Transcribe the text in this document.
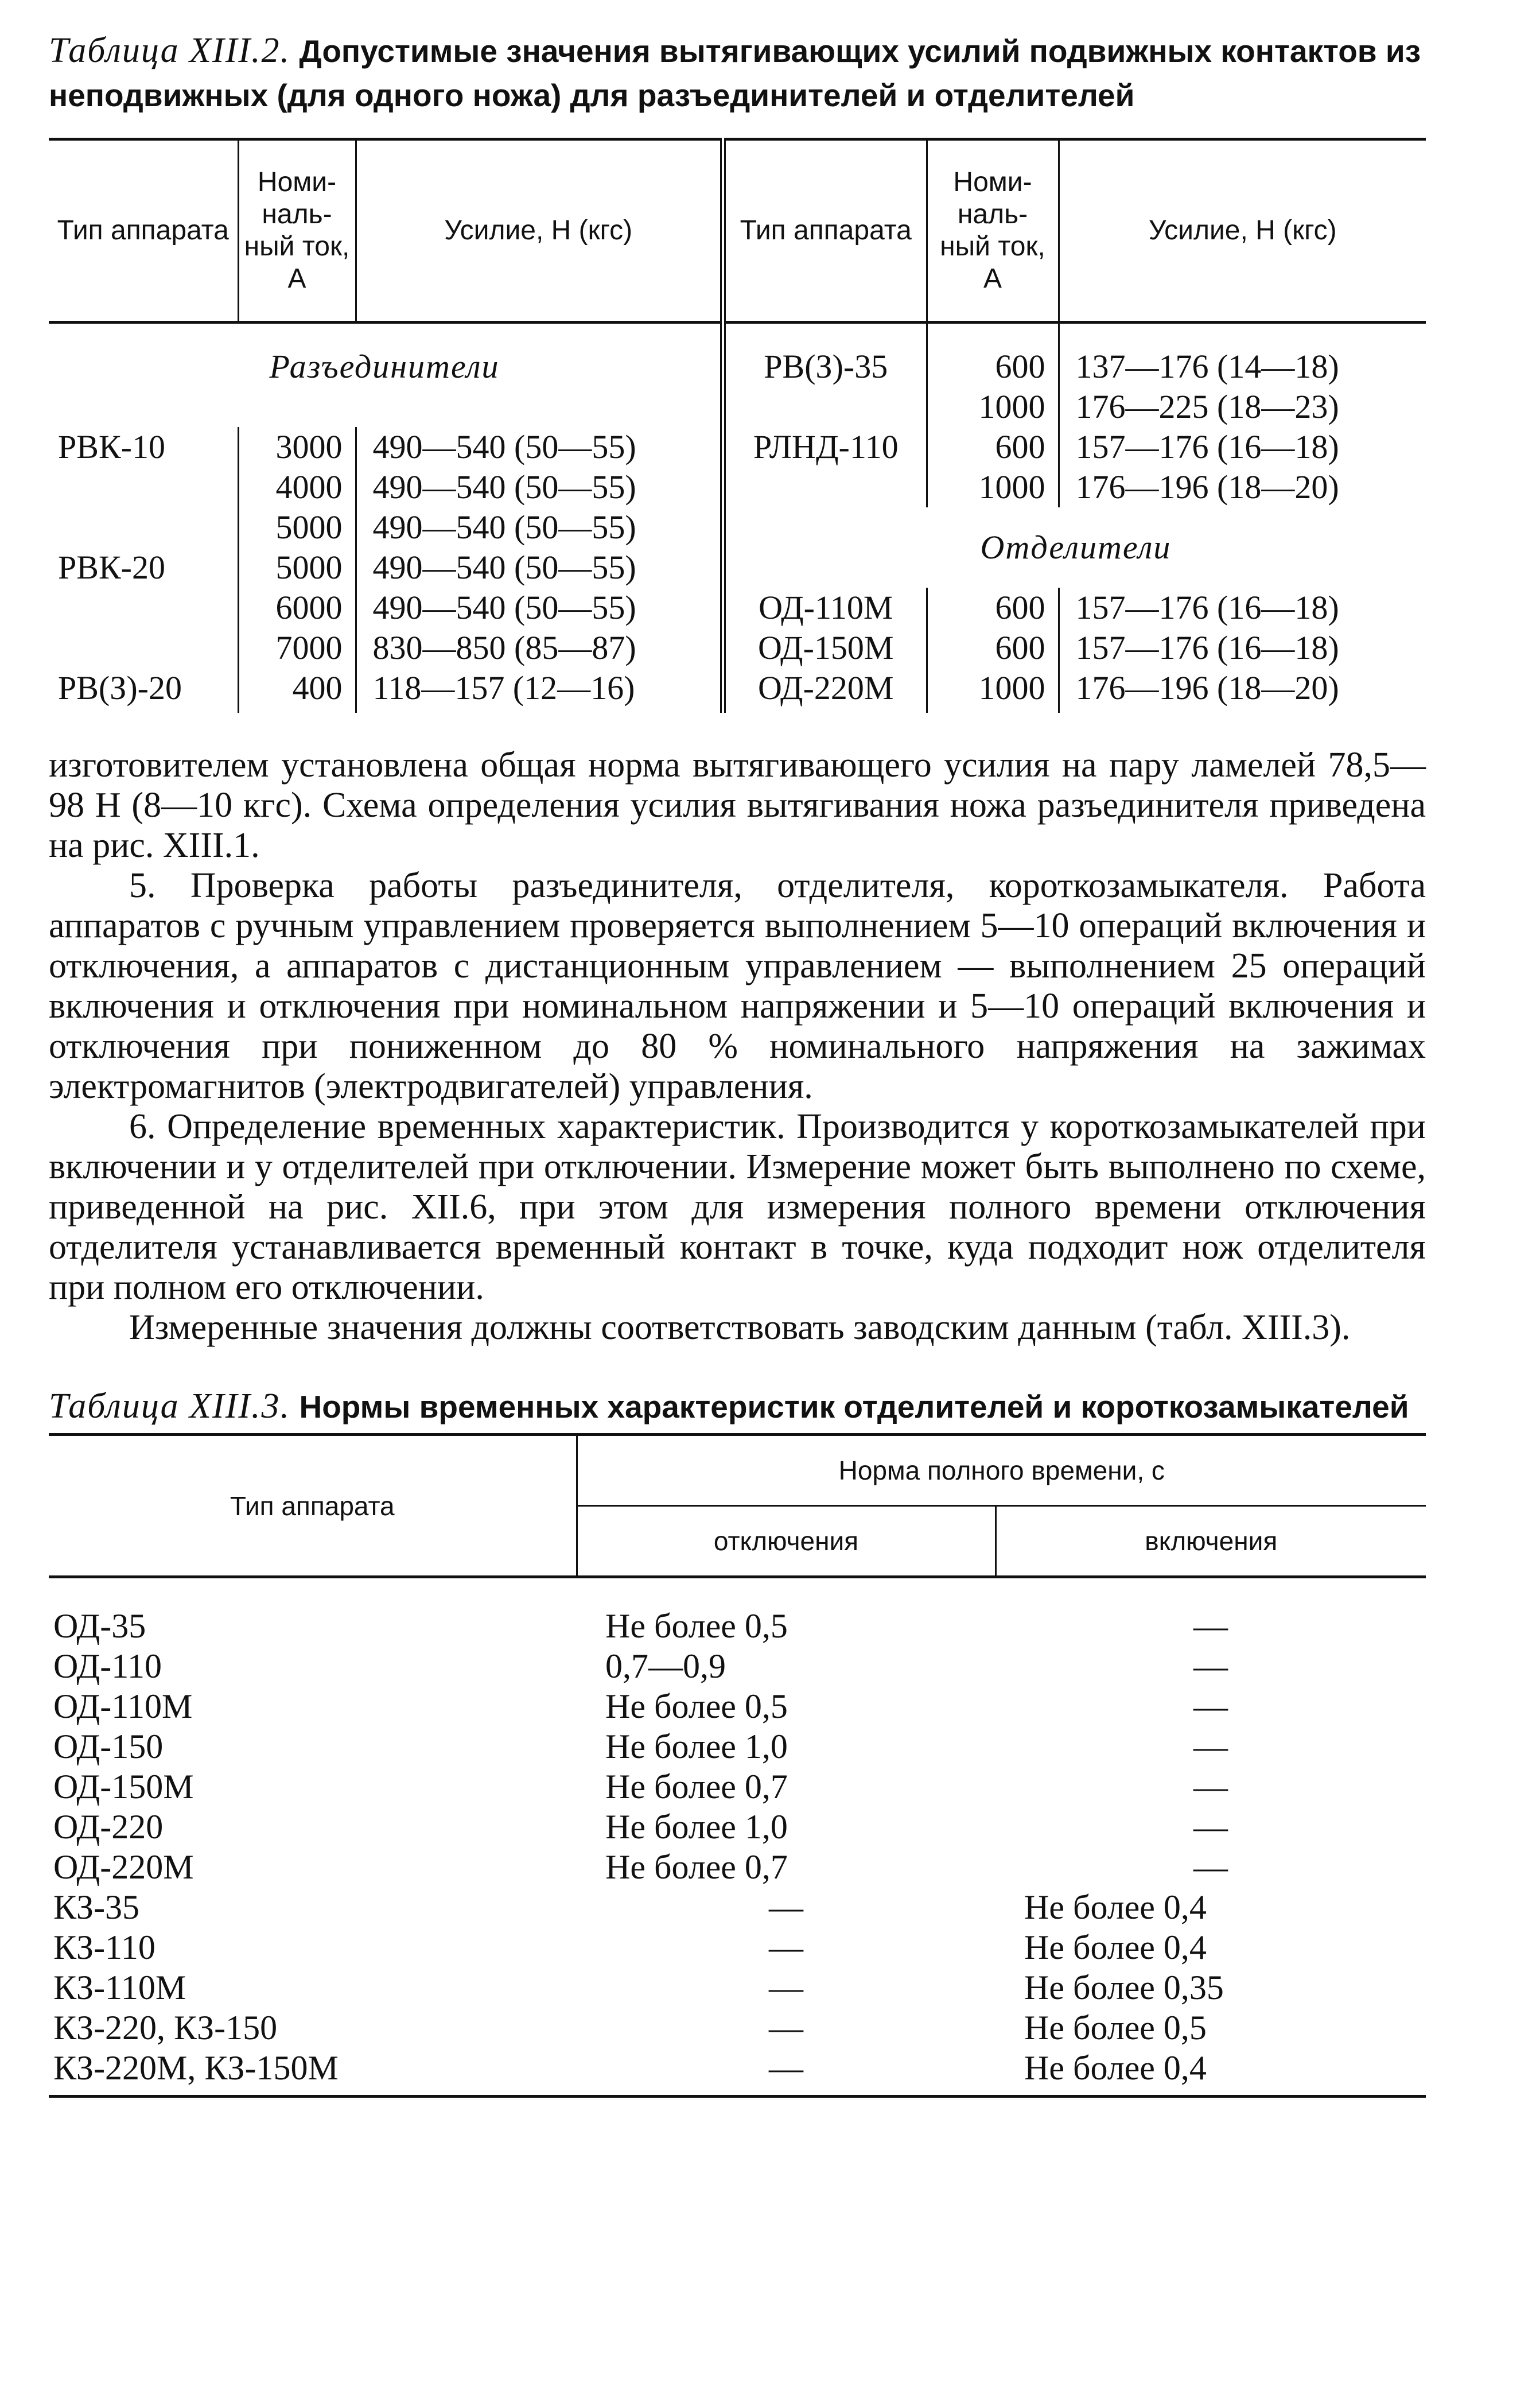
Таблица XIII.2. Допустимые значения вытягивающих усилий подвижных контактов из неподвижных (для одного ножа) для разъединителей и отделителей
Тип аппарата	Номи- наль- ный ток, А	Усилие, Н (кгс)	Тип аппарата	Номи- наль- ный ток, А	Усилие, Н (кгс)
Разъединители			РВ(З)-35	600	137—176 (14—18)
				1000	176—225 (18—23)
РВК-10	3000	490—540 (50—55)	РЛНД-110	600	157—176 (16—18)
	4000	490—540 (50—55)		1000	176—196 (18—20)
	5000	490—540 (50—55)	Отделители		
РВК-20	5000	490—540 (50—55)			
	6000	490—540 (50—55)	ОД-110М	600	157—176 (16—18)
	7000	830—850 (85—87)	ОД-150М	600	157—176 (16—18)
РВ(З)-20	400	118—157 (12—16)	ОД-220М	1000	176—196 (18—20)

изготовителем установлена общая норма вытягивающего усилия на пару ламелей 78,5—98 Н (8—10 кгс). Схема определения усилия вытягивания ножа разъединителя приведена на рис. XIII.1.

5. Проверка работы разъединителя, отделителя, короткозамыкателя. Работа аппаратов с ручным управлением проверяется выполнением 5—10 операций включения и отключения, а аппаратов с дистанционным управлением — выполнением 25 операций включения и отключения при номинальном напряжении и 5—10 операций включения и отключения при пониженном до 80 % номинального напряжения на зажимах электромагнитов (электродвигателей) управления.

6. Определение временных характеристик. Производится у короткозамыкателей при включении и у отделителей при отключении. Измерение может быть выполнено по схеме, приведенной на рис. XII.6, при этом для измерения полного времени отключения отделителя устанавливается временный контакт в точке, куда подходит нож отделителя при полном его отключении.

Измеренные значения должны соответствовать заводским данным (табл. XIII.3).

Таблица XIII.3. Нормы временных характеристик отделителей и короткозамыкателей
Тип аппарата	Норма полного времени, с	
	отключения	включения
ОД-35	Не более 0,5	—
ОД-110	0,7—0,9	—
ОД-110М	Не более 0,5	—
ОД-150	Не более 1,0	—
ОД-150М	Не более 0,7	—
ОД-220	Не более 1,0	—
ОД-220М	Не более 0,7	—
КЗ-35	—	Не более 0,4
КЗ-110	—	Не более 0,4
КЗ-110М	—	Не более 0,35
КЗ-220, КЗ-150	—	Не более 0,5
КЗ-220М, КЗ-150М	—	Не более 0,4
